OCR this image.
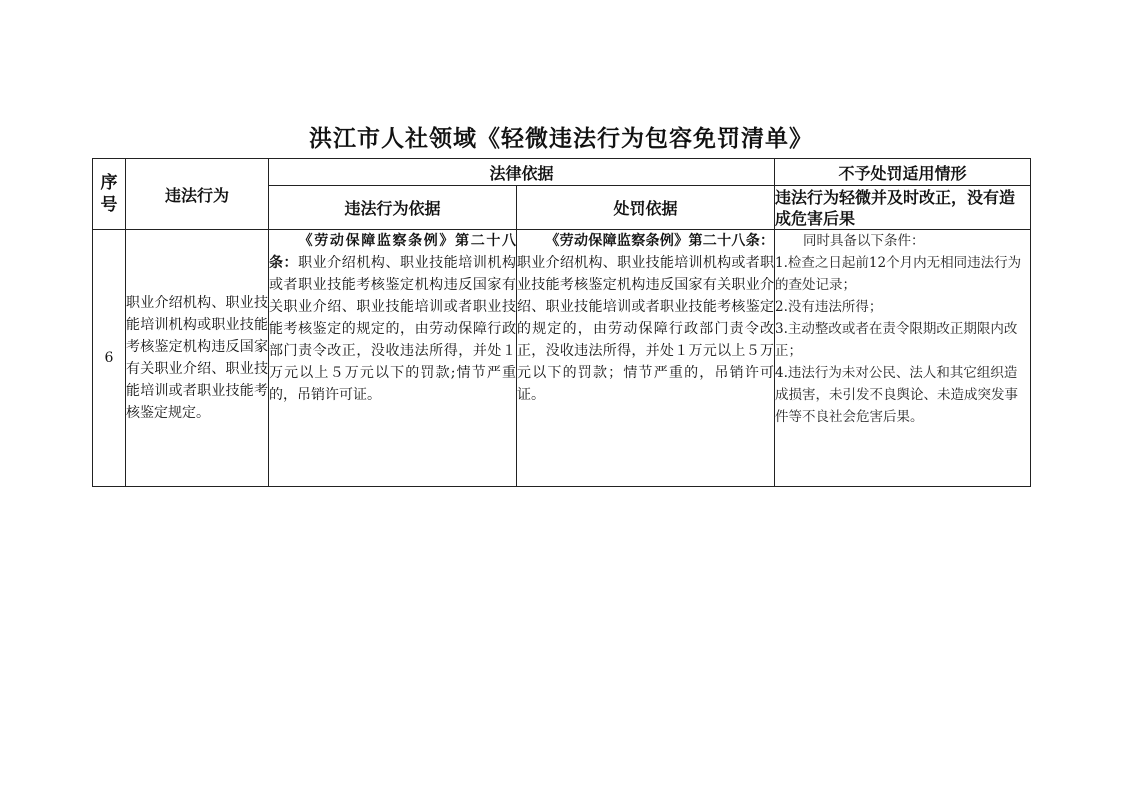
洪江市人社领域《轻微违法行为包容免罚清单》
序号	违法行为	法律依据		不予处罚适用情形
		违法行为依据	处罚依据	违法行为轻微并及时改正，没有造成危害后果
6	职业介绍机构、职业技能培训机构或职业技能考核鉴定机构违反国家有关职业介绍、职业技能培训或者职业技能考核鉴定规定。	《劳动保障监察条例》第二十八条：职业介绍机构、职业技能培训机构或者职业技能考核鉴定机构违反国家有关职业介绍、职业技能培训或者职业技能考核鉴定的规定的，由劳动保障行政部门责令改正，没收违法所得，并处１万元以上５万元以下的罚款;情节严重的，吊销许可证。	《劳动保障监察条例》第二十八条：职业介绍机构、职业技能培训机构或者职业技能考核鉴定机构违反国家有关职业介绍、职业技能培训或者职业技能考核鉴定的规定的，由劳动保障行政部门责令改正，没收违法所得，并处１万元以上５万元以下的罚款；情节严重的，吊销许可证。	同时具备以下条件：
1.检查之日起前12个月内无相同违法行为的查处记录；
2.没有违法所得；
3.主动整改或者在责令限期改正期限内改正；
4.违法行为未对公民、法人和其它组织造成损害，未引发不良舆论、未造成突发事件等不良社会危害后果。
